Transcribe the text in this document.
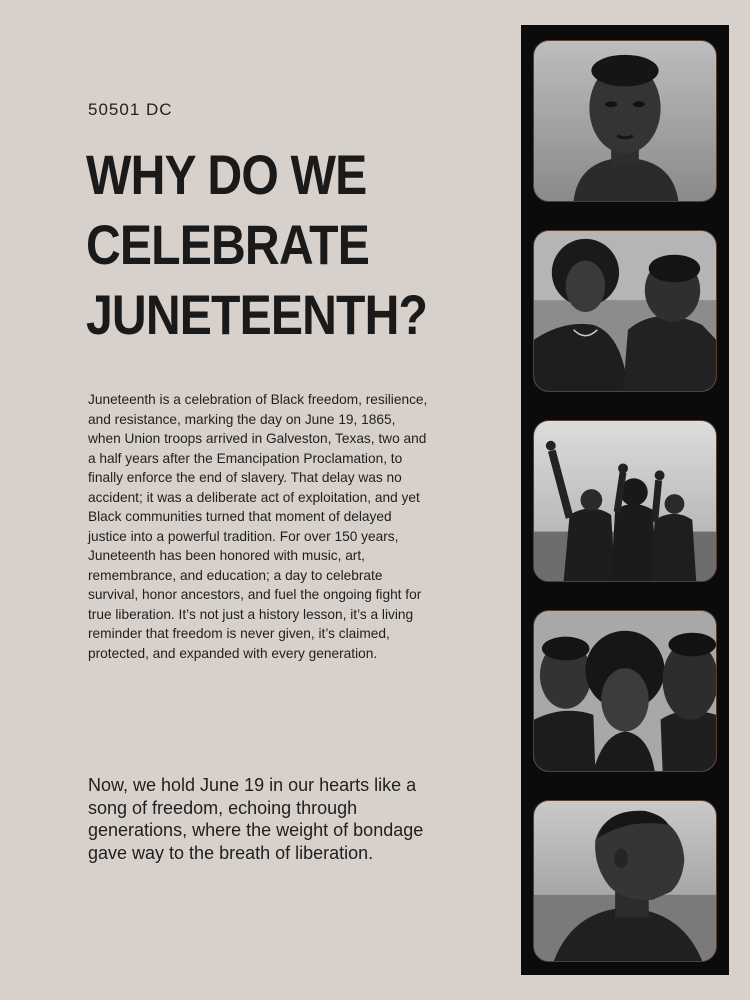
50501 DC
WHY DO WE
CELEBRATE
JUNETEENTH?

Juneteenth is a celebration of Black freedom, resilience, and resistance, marking the day on June 19, 1865, when Union troops arrived in Galveston, Texas, two and a half years after the Emancipation Proclamation, to finally enforce the end of slavery. That delay was no accident; it was a deliberate act of exploitation, and yet Black communities turned that moment of delayed justice into a powerful tradition. For over 150 years, Juneteenth has been honored with music, art, remembrance, and education; a day to celebrate survival, honor ancestors, and fuel the ongoing fight for true liberation. It’s not just a history lesson, it’s a living reminder that freedom is never given, it’s claimed, protected, and expanded with every generation.

Now, we hold June 19 in our hearts like a song of freedom, echoing through generations, where the weight of bondage gave way to the breath of liberation.
